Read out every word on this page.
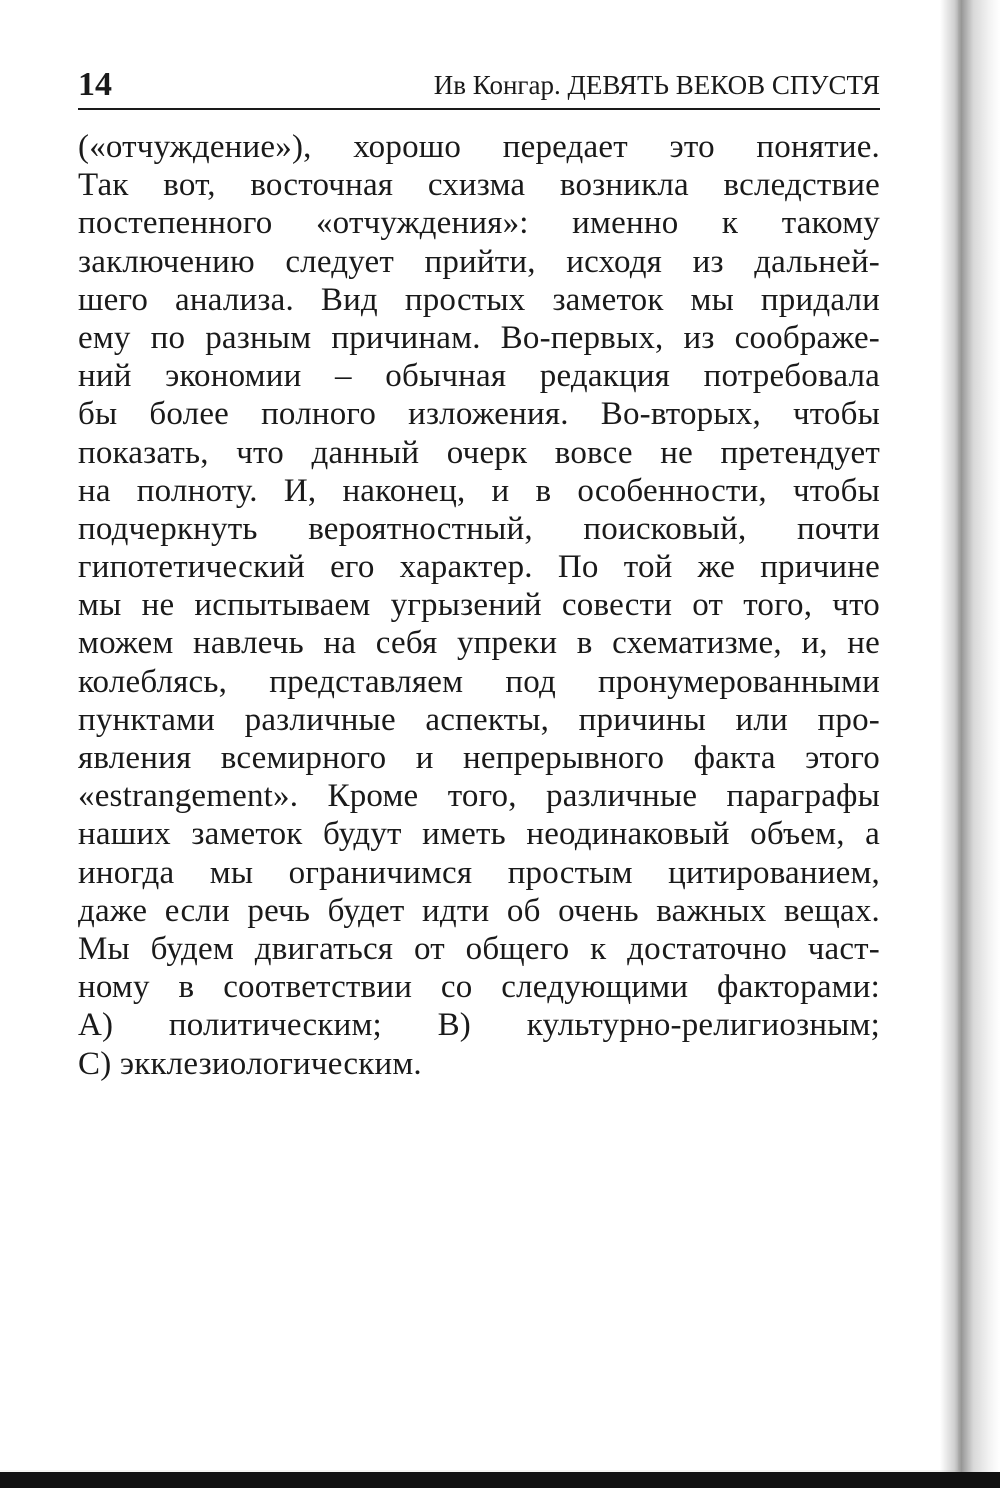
14	Ив Конгар. ДЕВЯТЬ ВЕКОВ СПУСТЯ
(«отчуждение»), хорошо передает это понятие.
Так вот, восточная схизма возникла вследствие
постепенного «отчуждения»: именно к такому
заключению следует прийти, исходя из дальней-
шего анализа. Вид простых заметок мы придали
ему по разным причинам. Во-первых, из соображе-
ний экономии – обычная редакция потребовала
бы более полного изложения. Во-вторых, чтобы
показать, что данный очерк вовсе не претендует
на полноту. И, наконец, и в особенности, чтобы
подчеркнуть вероятностный, поисковый, почти
гипотетический его характер. По той же причине
мы не испытываем угрызений совести от того, что
можем навлечь на себя упреки в схематизме, и, не
колеблясь, представляем под пронумерованными
пунктами различные аспекты, причины или про-
явления всемирного и непрерывного факта этого
«estrangement». Кроме того, различные параграфы
наших заметок будут иметь неодинаковый объем, а
иногда мы ограничимся простым цитированием,
даже если речь будет идти об очень важных вещах.
Мы будем двигаться от общего к достаточно част-
ному в соответствии со следующими факторами:
А) политическим; В) культурно-религиозным;
С) экклезиологическим.
